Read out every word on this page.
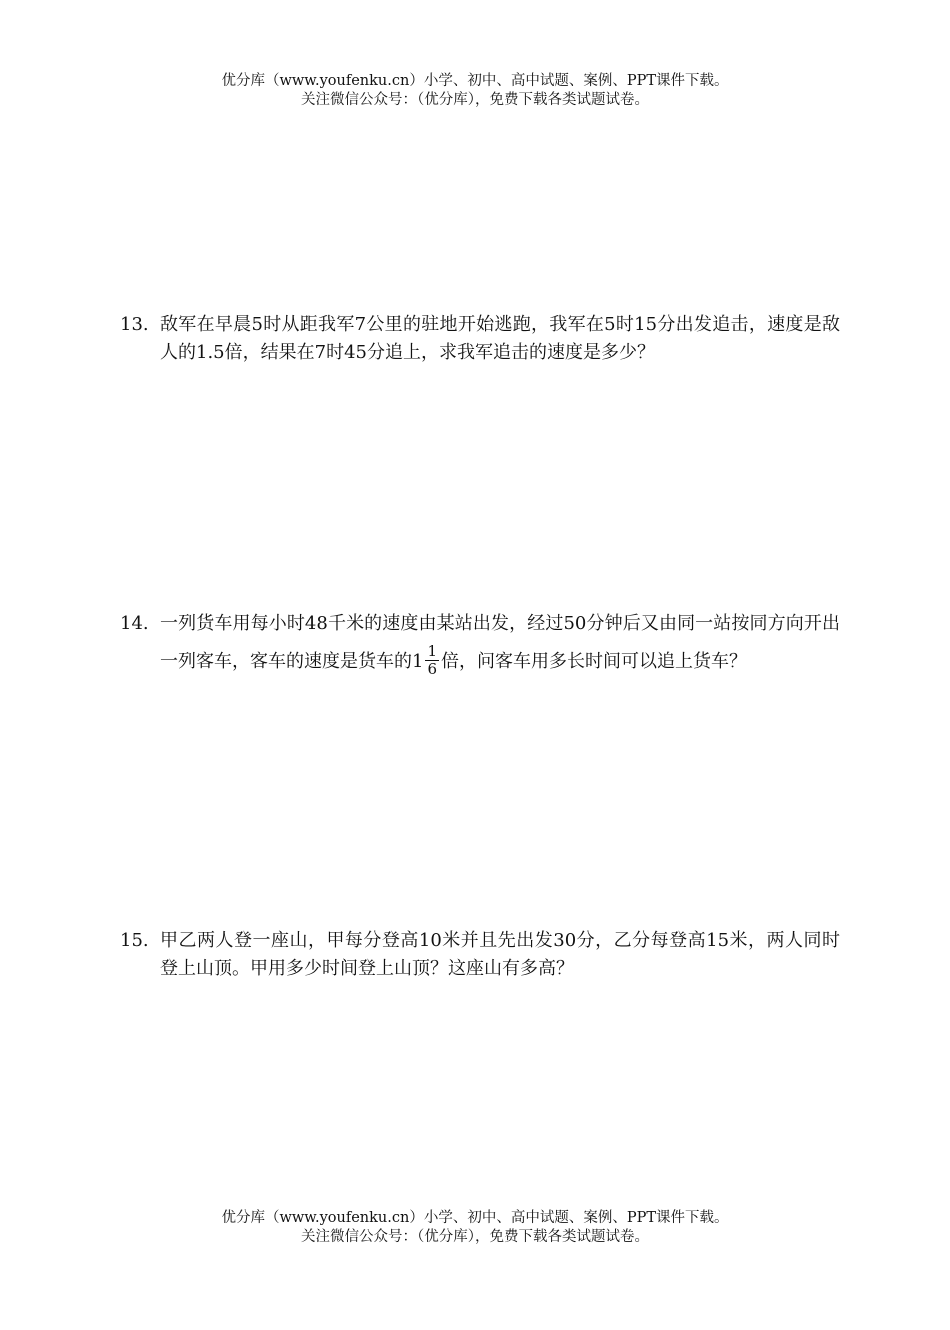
优分库（www.youfenku.cn）小学、初中、高中试题、案例、PPT课件下载。
关注微信公众号：（优分库），免费下载各类试题试卷。
13. 敌军在早晨5时从距我军7公里的驻地开始逃跑，我军在5时15分出发追击，速度是敌人的1.5倍，结果在7时45分追上，求我军追击的速度是多少？
14. 一列货车用每小时48千米的速度由某站出发，经过50分钟后又由同一站按同方向开出一列客车，客车的速度是货车的$1 \frac{1}{6}$ 倍，问客车用多长时间可以追上货车？
15. 甲乙两人登一座山，甲每分登高10米并且先出发30分，乙分每登高15米，两人同时登上山顶。甲用多少时间登上山顶？这座山有多高？
优分库（www.youfenku.cn）小学、初中、高中试题、案例、PPT课件下载。
关注微信公众号：（优分库），免费下载各类试题试卷。
